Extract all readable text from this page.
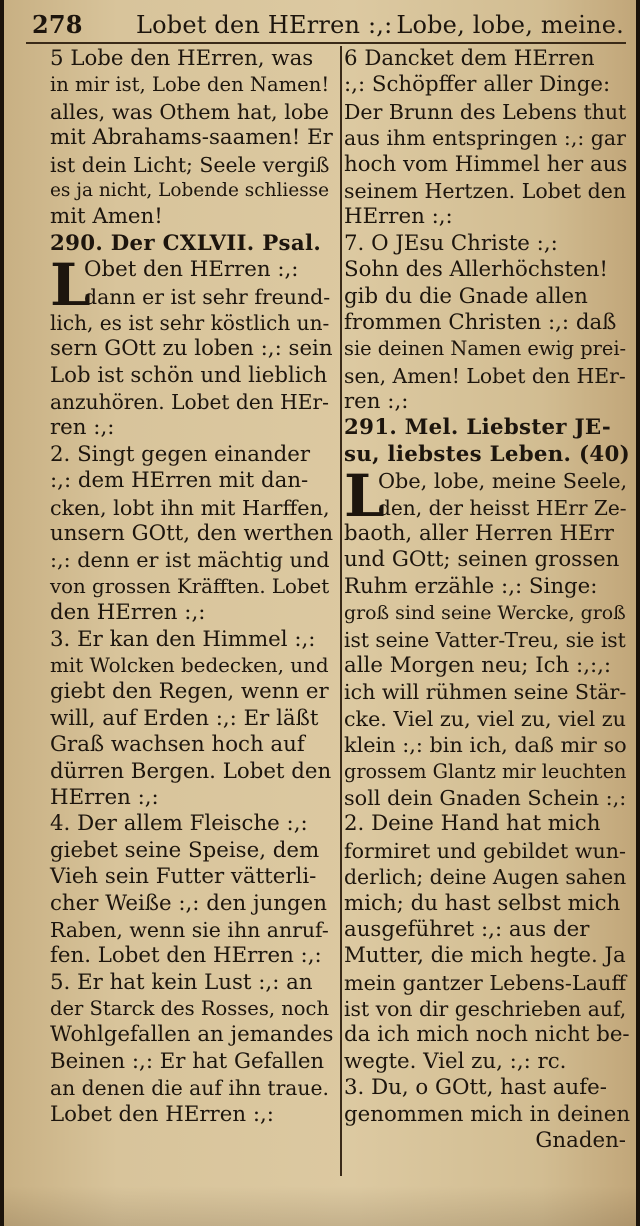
278 Lobet den HErren :,: Lobe, lobe, meine.
5 Lobe den HErren, was
in mir ist, Lobe den Namen!
alles, was Othem hat, lobe
mit Abrahams-saamen! Er
ist dein Licht; Seele vergiß
es ja nicht, Lobende schliesse
mit Amen!
290. Der CXLVII. Psal.
L
Obet den HErren :,:
dann er ist sehr freund-
lich, es ist sehr köstlich un-
sern GOtt zu loben :,: sein
Lob ist schön und lieblich
anzuhören. Lobet den HEr-
ren :,:
2. Singt gegen einander
:,: dem HErren mit dan-
cken, lobt ihn mit Harffen,
unsern GOtt, den werthen
:,: denn er ist mächtig und
von grossen Kräfften. Lobet
den HErren :,:
3. Er kan den Himmel :,:
mit Wolcken bedecken, und
giebt den Regen, wenn er
will, auf Erden :,: Er läßt
Graß wachsen hoch auf
dürren Bergen. Lobet den
HErren :,:
4. Der allem Fleische :,:
giebet seine Speise, dem
Vieh sein Futter vätterli-
cher Weiße :,: den jungen
Raben, wenn sie ihn anruf-
fen. Lobet den HErren :,:
5. Er hat kein Lust :,: an
der Starck des Rosses, noch
Wohlgefallen an jemandes
Beinen :,: Er hat Gefallen
an denen die auf ihn traue.
Lobet den HErren :,:
6 Dancket dem HErren
:,: Schöpffer aller Dinge:
Der Brunn des Lebens thut
aus ihm entspringen :,: gar
hoch vom Himmel her aus
seinem Hertzen. Lobet den
HErren :,:
7. O JEsu Christe :,:
Sohn des Allerhöchsten!
gib du die Gnade allen
frommen Christen :,: daß
sie deinen Namen ewig prei-
sen, Amen! Lobet den HEr-
ren :,:
291. Mel. Liebster JE-
su, liebstes Leben. (40)
L
Obe, lobe, meine Seele,
den, der heisst HErr Ze-
baoth, aller Herren HErr
und GOtt; seinen grossen
Ruhm erzähle :,: Singe:
groß sind seine Wercke, groß
ist seine Vatter-Treu, sie ist
alle Morgen neu; Ich :,:,:
ich will rühmen seine Stär-
cke. Viel zu, viel zu, viel zu
klein :,: bin ich, daß mir so
grossem Glantz mir leuchten
soll dein Gnaden Schein :,:
2. Deine Hand hat mich
formiret und gebildet wun-
derlich; deine Augen sahen
mich; du hast selbst mich
ausgeführet :,: aus der
Mutter, die mich hegte. Ja
mein gantzer Lebens-Lauff
ist von dir geschrieben auf,
da ich mich noch nicht be-
wegte. Viel zu, :,: rc.
3. Du, o GOtt, hast aufe-
genommen mich in deinen
Gnaden-
